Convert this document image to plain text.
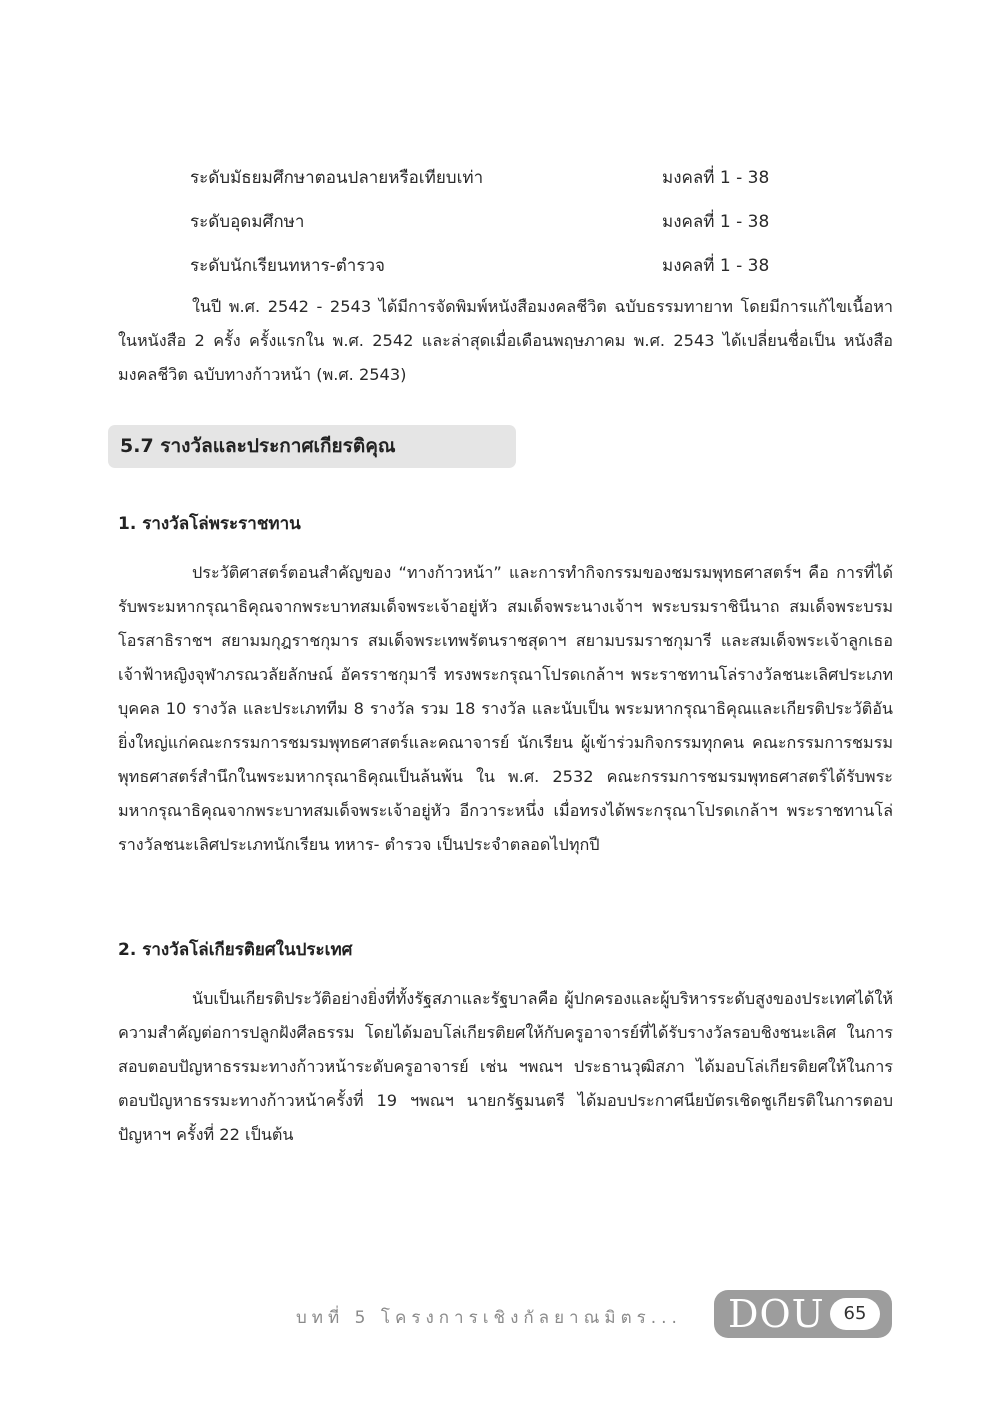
ระดับมัธยมศึกษาตอนปลายหรือเทียบเท่า	มงคลที่ 1 - 38
ระดับอุดมศึกษา	มงคลที่ 1 - 38
ระดับนักเรียนทหาร-ตำรวจ	มงคลที่ 1 - 38

ในปี พ.ศ. 2542 - 2543 ได้มีการจัดพิมพ์หนังสือมงคลชีวิต ฉบับธรรมทายาท โดยมีการแก้ไขเนื้อหาในหนังสือ 2 ครั้ง ครั้งแรกใน พ.ศ. 2542 และล่าสุดเมื่อเดือนพฤษภาคม พ.ศ. 2543 ได้เปลี่ยนชื่อเป็น หนังสือมงคลชีวิต ฉบับทางก้าวหน้า (พ.ศ. 2543)

5.7 รางวัลและประกาศเกียรติคุณ
1. รางวัลโล่พระราชทาน

ประวัติศาสตร์ตอนสำคัญของ “ทางก้าวหน้า” และการทำกิจกรรมของชมรมพุทธศาสตร์ฯ คือ การที่ได้รับพระมหากรุณาธิคุณจากพระบาทสมเด็จพระเจ้าอยู่หัว สมเด็จพระนางเจ้าฯ พระบรมราชินีนาถ สมเด็จพระบรมโอรสาธิราชฯ สยามมกุฎราชกุมาร สมเด็จพระเทพรัตนราชสุดาฯ สยามบรมราชกุมารี และสมเด็จพระเจ้าลูกเธอ เจ้าฟ้าหญิงจุฬาภรณวลัยลักษณ์ อัครราชกุมารี ทรงพระกรุณาโปรดเกล้าฯ พระราชทานโล่รางวัลชนะเลิศประเภทบุคคล 10 รางวัล และประเภททีม 8 รางวัล รวม 18 รางวัล และนับเป็น พระมหากรุณาธิคุณและเกียรติประวัติอันยิ่งใหญ่แก่คณะกรรมการชมรมพุทธศาสตร์และคณาจารย์ นักเรียน ผู้เข้าร่วมกิจกรรมทุกคน คณะกรรมการชมรมพุทธศาสตร์สำนึกในพระมหากรุณาธิคุณเป็นล้นพ้น ใน พ.ศ. 2532 คณะกรรมการชมรมพุทธศาสตร์ได้รับพระมหากรุณาธิคุณจากพระบาทสมเด็จพระเจ้าอยู่หัว อีกวาระหนึ่ง เมื่อทรงได้พระกรุณาโปรดเกล้าฯ พระราชทานโล่รางวัลชนะเลิศประเภทนักเรียน ทหาร- ตำรวจ เป็นประจำตลอดไปทุกปี

2. รางวัลโล่เกียรติยศในประเทศ

นับเป็นเกียรติประวัติอย่างยิ่งที่ทั้งรัฐสภาและรัฐบาลคือ ผู้ปกครองและผู้บริหารระดับสูงของประเทศได้ให้ความสำคัญต่อการปลูกฝังศีลธรรม โดยได้มอบโล่เกียรติยศให้กับครูอาจารย์ที่ได้รับรางวัลรอบชิงชนะเลิศ ในการสอบตอบปัญหาธรรมะทางก้าวหน้าระดับครูอาจารย์ เช่น ฯพณฯ ประธานวุฒิสภา ได้มอบโล่เกียรติยศให้ในการตอบปัญหาธรรมะทางก้าวหน้าครั้งที่ 19 ฯพณฯ นายกรัฐมนตรี ได้มอบประกาศนียบัตรเชิดชูเกียรติในการตอบปัญหาฯ ครั้งที่ 22 เป็นต้น

บทที่ 5 โครงการเชิงกัลยาณมิตร... DOU	65
